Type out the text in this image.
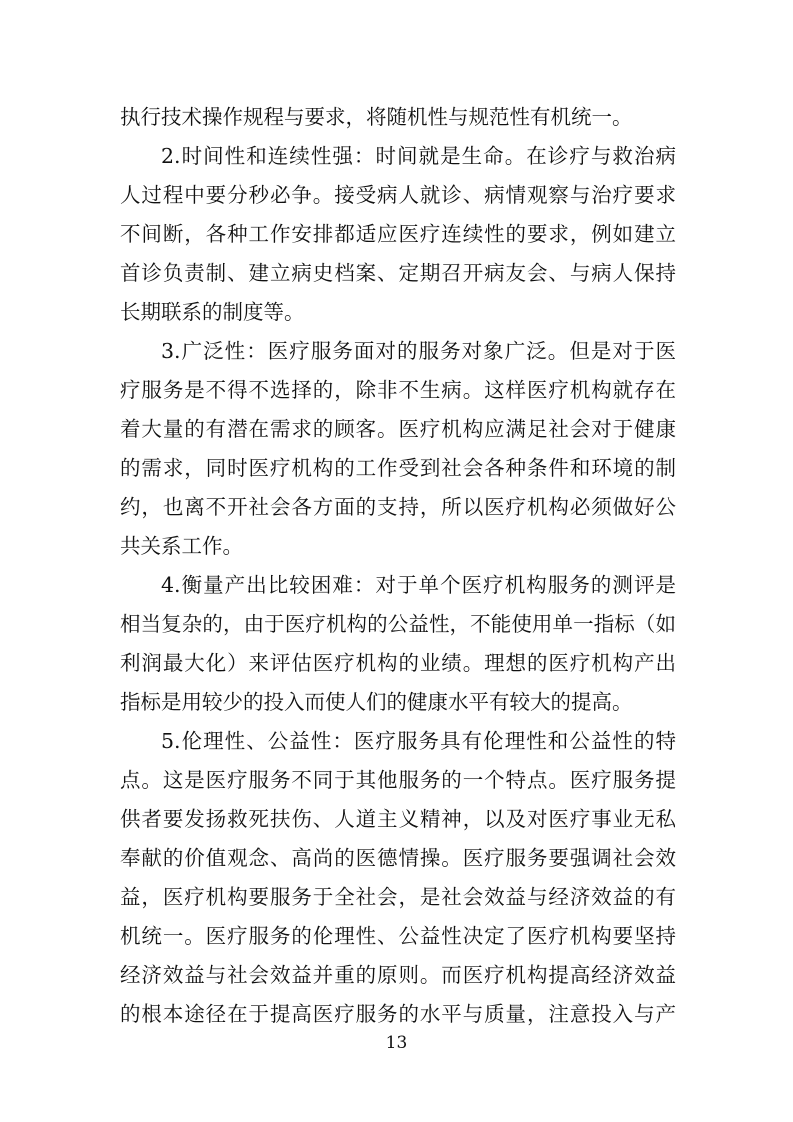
执行技术操作规程与要求，将随机性与规范性有机统一。
2.时间性和连续性强：时间就是生命。在诊疗与救治病
人过程中要分秒必争。接受病人就诊、病情观察与治疗要求
不间断，各种工作安排都适应医疗连续性的要求，例如建立
首诊负责制、建立病史档案、定期召开病友会、与病人保持
长期联系的制度等。
3.广泛性：医疗服务面对的服务对象广泛。但是对于医
疗服务是不得不选择的，除非不生病。这样医疗机构就存在
着大量的有潜在需求的顾客。医疗机构应满足社会对于健康
的需求，同时医疗机构的工作受到社会各种条件和环境的制
约，也离不开社会各方面的支持，所以医疗机构必须做好公
共关系工作。
4.衡量产出比较困难：对于单个医疗机构服务的测评是
相当复杂的，由于医疗机构的公益性，不能使用单一指标（如
利润最大化）来评估医疗机构的业绩。理想的医疗机构产出
指标是用较少的投入而使人们的健康水平有较大的提高。
5.伦理性、公益性：医疗服务具有伦理性和公益性的特
点。这是医疗服务不同于其他服务的一个特点。医疗服务提
供者要发扬救死扶伤、人道主义精神，以及对医疗事业无私
奉献的价值观念、高尚的医德情操。医疗服务要强调社会效
益，医疗机构要服务于全社会，是社会效益与经济效益的有
机统一。医疗服务的伦理性、公益性决定了医疗机构要坚持
经济效益与社会效益并重的原则。而医疗机构提高经济效益
的根本途径在于提高医疗服务的水平与质量，注意投入与产
13
